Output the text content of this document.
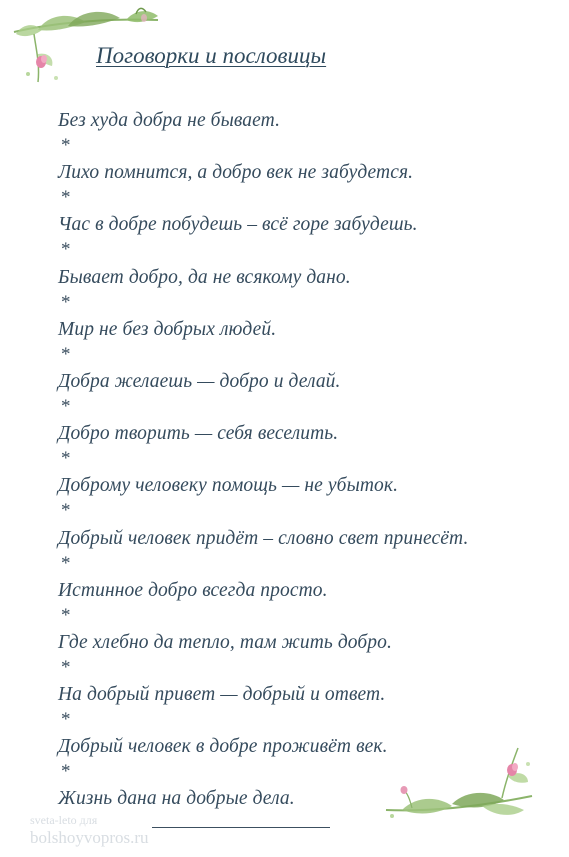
Поговорки и пословицы
Без худа добра не бывает.
*
Лихо помнится, а добро век не забудется.
*
Час в добре побудешь – всё горе забудешь.
*
Бывает добро, да не всякому дано.
*
Мир не без добрых людей.
*
Добра желаешь — добро и делай.
*
Добро творить — себя веселить.
*
Доброму человеку помощь — не убыток.
*
Добрый человек придёт – словно свет принесёт.
*
Истинное добро всегда просто.
*
Где хлебно да тепло, там жить добро.
*
На добрый привет — добрый и ответ.
*
Добрый человек в добре проживёт век.
*
Жизнь дана на добрые дела.
sveta-leto для
bolshoyvopros.ru
